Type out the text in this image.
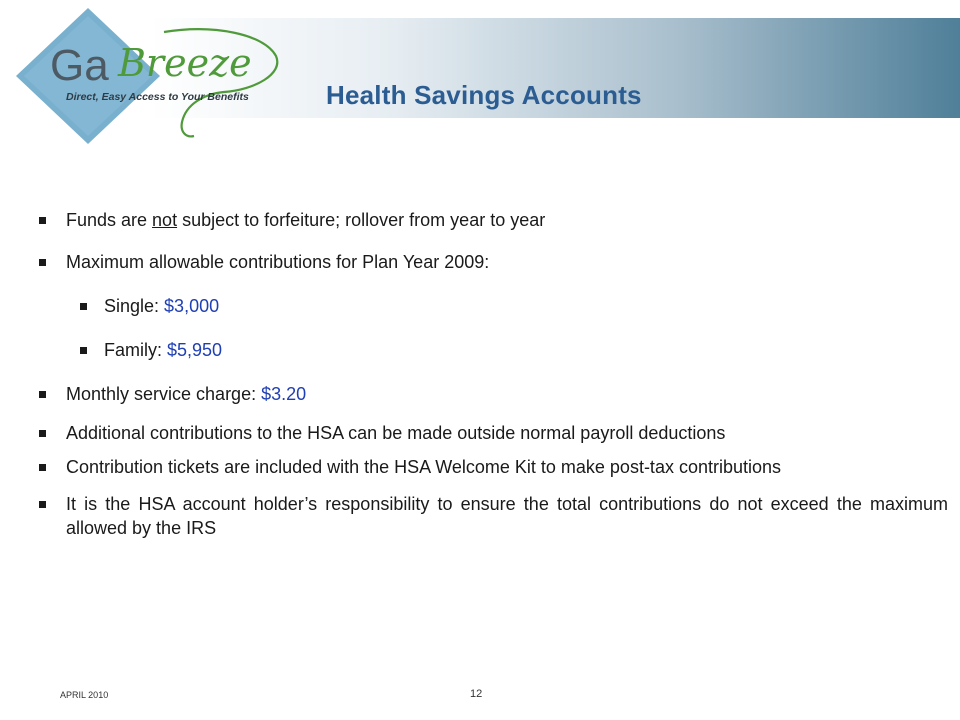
Ga Breeze
Direct, Easy Access to Your Benefits	Health Savings Accounts
Funds are not subject to forfeiture; rollover from year to year
Maximum allowable contributions for Plan Year 2009:
Single: $3,000
Family: $5,950
Monthly service charge: $3.20
Additional contributions to the HSA can be made outside normal payroll deductions
Contribution tickets are included with the HSA Welcome Kit to make post-tax contributions
It is the HSA account holder’s responsibility to ensure the total contributions do not exceed the maximum allowed by the IRS
APRIL 2010	12
